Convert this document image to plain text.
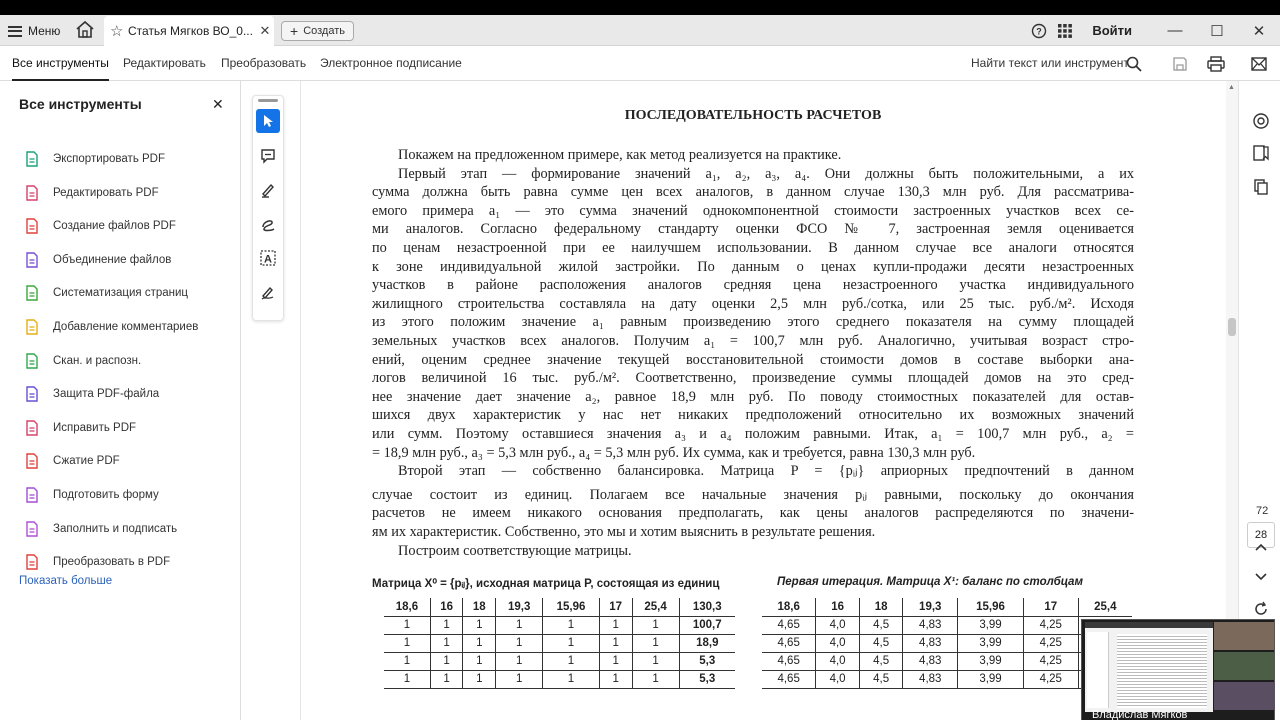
Меню	☆ Статья Мягков ВО_0... ✕ + Создать	?	Войти	—	☐	✕
Все инструменты Редактировать Преобразовать Электронное подписание	Найти текст или инструмент
Все инструменты	✕
Экспортировать PDF
Редактировать PDF
Создание файлов PDF
Объединение файлов
Систематизация страниц
Добавление комментариев
Скан. и распозн.
Защита PDF-файла
Исправить PDF
Сжатие PDF
Подготовить форму
Заполнить и подписать
Преобразовать в PDF
Показать больше
A
ПОСЛЕДОВАТЕЛЬНОСТЬ РАСЧЕТОВ
Покажем на предложенном примере, как метод реализуется на практике.
Первый этап — формирование значений a₁, a₂, a₃, a₄. Они должны быть положительными, а их
сумма должна быть равна сумме цен всех аналогов, в данном случае 130,3 млн руб. Для рассматрива-
емого примера a₁ — это сумма значений однокомпонентной стоимости застроенных участков всех се-
ми аналогов. Согласно федеральному стандарту оценки ФСО № 7, застроенная земля оценивается
по ценам незастроенной при ее наилучшем использовании. В данном случае все аналоги относятся
к зоне индивидуальной жилой застройки. По данным о ценах купли-продажи десяти незастроенных
участков в районе расположения аналогов средняя цена незастроенного участка индивидуального
жилищного строительства составляла на дату оценки 2,5 млн руб./сотка, или 25 тыс. руб./м². Исходя
из этого положим значение a₁ равным произведению этого среднего показателя на сумму площадей
земельных участков всех аналогов. Получим a₁ = 100,7 млн руб. Аналогично, учитывая возраст стро-
ений, оценим среднее значение текущей восстановительной стоимости домов в составе выборки ана-
логов величиной 16 тыс. руб./м². Соответственно, произведение суммы площадей домов на это сред-
нее значение дает значение a₂, равное 18,9 млн руб. По поводу стоимостных показателей для остав-
шихся двух характеристик у нас нет никаких предположений относительно их возможных значений
или сумм. Поэтому оставшиеся значения a₃ и a₄ положим равными. Итак, a₁ = 100,7 млн руб., a₂ =
= 18,9 млн руб., a₃ = 5,3 млн руб., a₄ = 5,3 млн руб. Их сумма, как и требуется, равна 130,3 млн руб.
Второй этап — собственно балансировка. Матрица P = {pᵢⱼ} априорных предпочтений в данном
случае состоит из единиц. Полагаем все начальные значения pᵢⱼ равными, поскольку до окончания
расчетов не имеем никакого основания предполагать, как цены аналогов распределяются по значени-
ям их характеристик. Собственно, это мы и хотим выяснить в результате решения.
Построим соответствующие матрицы.
Матрица X⁰ = {pᵢⱼ}, исходная матрица P, состоящая из единиц	Первая итерация. Матрица X¹: баланс по столбцам
18,6	16	18	19,3	15,96	17	25,4	130,3
1	1	1	1	1	1	1	100,7
1	1	1	1	1	1	1	18,9
1	1	1	1	1	1	1	5,3
1	1	1	1	1	1	1	5,3
18,6	16	18	19,3	15,96	17	25,4
4,65	4,0	4,5	4,83	3,99	4,25	
4,65	4,0	4,5	4,83	3,99	4,25	
4,65	4,0	4,5	4,83	3,99	4,25	
4,65	4,0	4,5	4,83	3,99	4,25	
▲
28
72
Владислав Мягков
